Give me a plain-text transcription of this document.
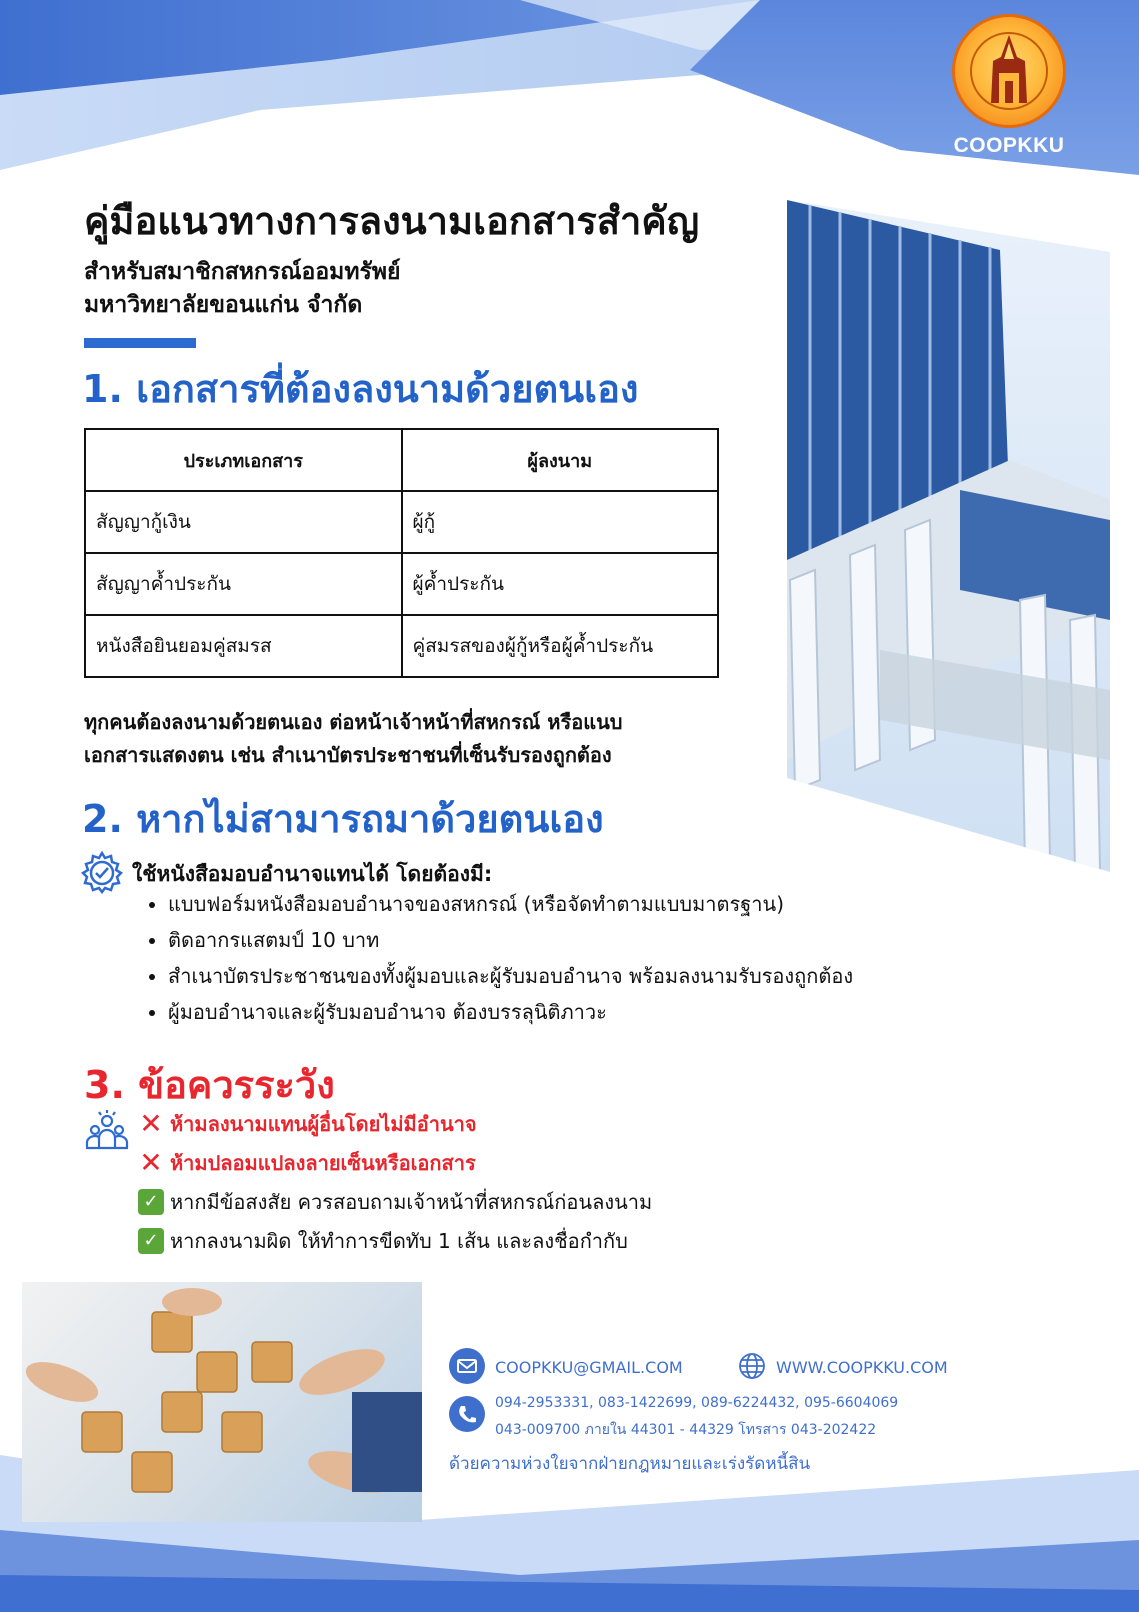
COOPKKU
คู่มือแนวทางการลงนามเอกสารสำคัญ
สำหรับสมาชิกสหกรณ์ออมทรัพย์
มหาวิทยาลัยขอนแก่น จำกัด
1. เอกสารที่ต้องลงนามด้วยตนเอง
ประเภทเอกสาร	ผู้ลงนาม
สัญญากู้เงิน	ผู้กู้
สัญญาค้ำประกัน	ผู้ค้ำประกัน
หนังสือยินยอมคู่สมรส	คู่สมรสของผู้กู้หรือผู้ค้ำประกัน
ทุกคนต้องลงนามด้วยตนเอง ต่อหน้าเจ้าหน้าที่สหกรณ์ หรือแนบ
เอกสารแสดงตน เช่น สำเนาบัตรประชาชนที่เซ็นรับรองถูกต้อง
2. หากไม่สามารถมาด้วยตนเอง
ใช้หนังสือมอบอำนาจแทนได้ โดยต้องมี:
• แบบฟอร์มหนังสือมอบอำนาจของสหกรณ์ (หรือจัดทำตามแบบมาตรฐาน)
• ติดอากรแสตมป์ 10 บาท
• สำเนาบัตรประชาชนของทั้งผู้มอบและผู้รับมอบอำนาจ พร้อมลงนามรับรองถูกต้อง
• ผู้มอบอำนาจและผู้รับมอบอำนาจ ต้องบรรลุนิติภาวะ
3. ข้อควรระวัง
✕ ห้ามลงนามแทนผู้อื่นโดยไม่มีอำนาจ
✕ ห้ามปลอมแปลงลายเซ็นหรือเอกสาร
✓ หากมีข้อสงสัย ควรสอบถามเจ้าหน้าที่สหกรณ์ก่อนลงนาม
✓ หากลงนามผิด ให้ทำการขีดทับ 1 เส้น และลงชื่อกำกับ
COOPKKU@GMAIL.COM	WWW.COOPKKU.COM
094-2953331, 083-1422699, 089-6224432, 095-6604069
043-009700 ภายใน 44301 - 44329 โทรสาร 043-202422
ด้วยความห่วงใยจากฝ่ายกฎหมายและเร่งรัดหนี้สิน
